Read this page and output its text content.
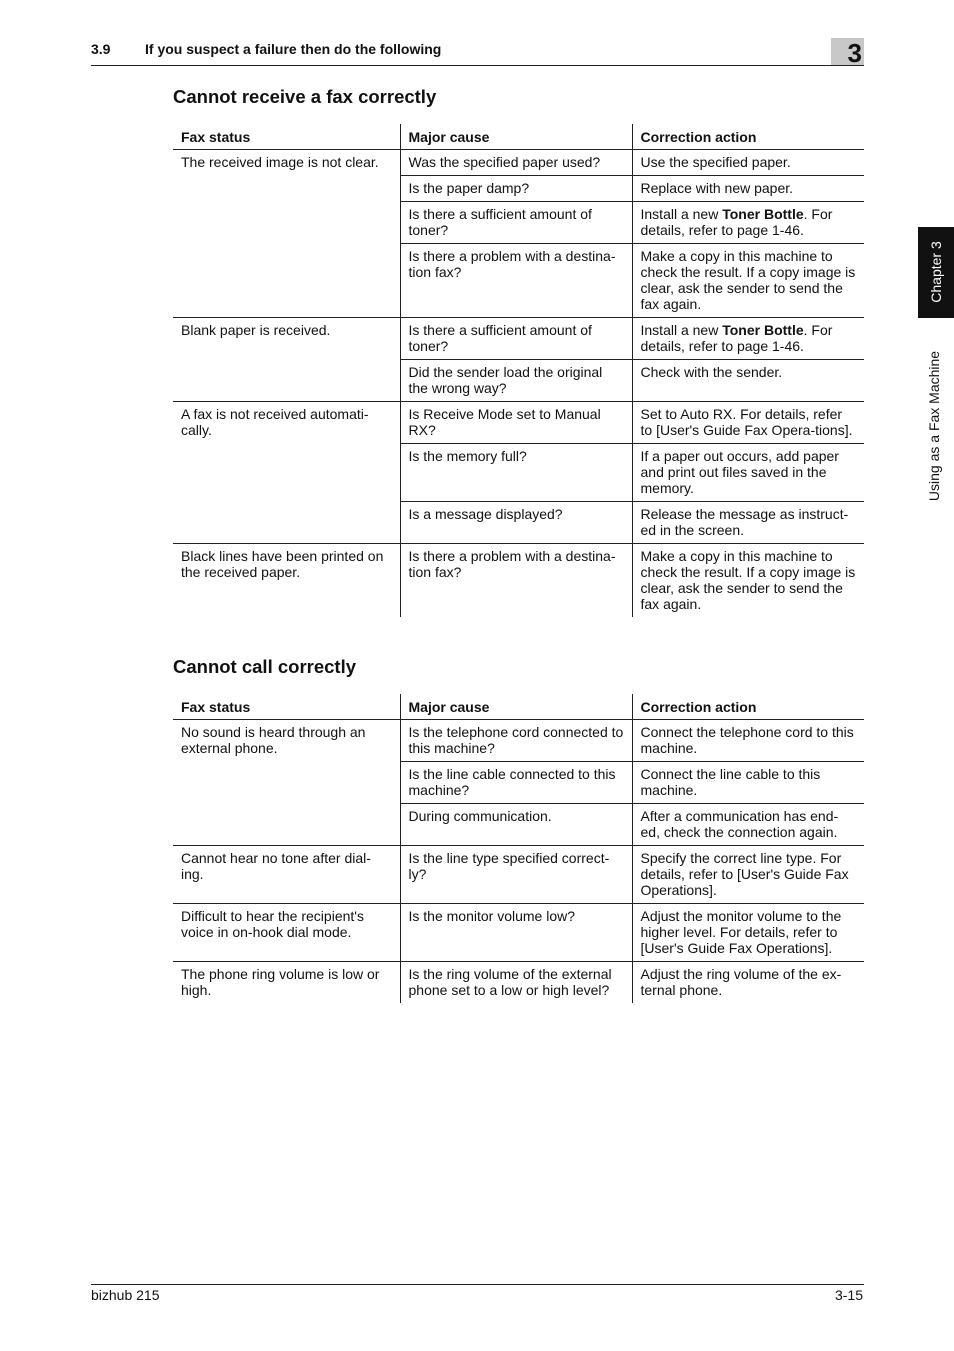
3.9 If you suspect a failure then do the following	3
Chapter 3
Using as a Fax Machine
Cannot receive a fax correctly
Fax status	Major cause	Correction action
The received image is not clear.	Was the specified paper used?	Use the specified paper.
	Is the paper damp?	Replace with new paper.
	Is there a sufficient amount of toner?	Install a new Toner Bottle. For details, refer to page 1-46.
	Is there a problem with a destina-tion fax?	Make a copy in this machine to check the result. If a copy image is clear, ask the sender to send the fax again.
Blank paper is received.	Is there a sufficient amount of toner?	Install a new Toner Bottle. For details, refer to page 1-46.
	Did the sender load the original the wrong way?	Check with the sender.
A fax is not received automati-cally.	Is Receive Mode set to Manual RX?	Set to Auto RX. For details, refer to [User's Guide Fax Opera-tions].
	Is the memory full?	If a paper out occurs, add paper and print out files saved in the memory.
	Is a message displayed?	Release the message as instruct-ed in the screen.
Black lines have been printed on the received paper.	Is there a problem with a destina-tion fax?	Make a copy in this machine to check the result. If a copy image is clear, ask the sender to send the fax again.
Cannot call correctly
Fax status	Major cause	Correction action
No sound is heard through an external phone.	Is the telephone cord connected to this machine?	Connect the telephone cord to this machine.
	Is the line cable connected to this machine?	Connect the line cable to this machine.
	During communication.	After a communication has end-ed, check the connection again.
Cannot hear no tone after dial-ing.	Is the line type specified correct-ly?	Specify the correct line type. For details, refer to [User's Guide Fax Operations].
Difficult to hear the recipient's voice in on-hook dial mode.	Is the monitor volume low?	Adjust the monitor volume to the higher level. For details, refer to [User's Guide Fax Operations].
The phone ring volume is low or high.	Is the ring volume of the external phone set to a low or high level?	Adjust the ring volume of the ex-ternal phone.
bizhub 215	3-15
